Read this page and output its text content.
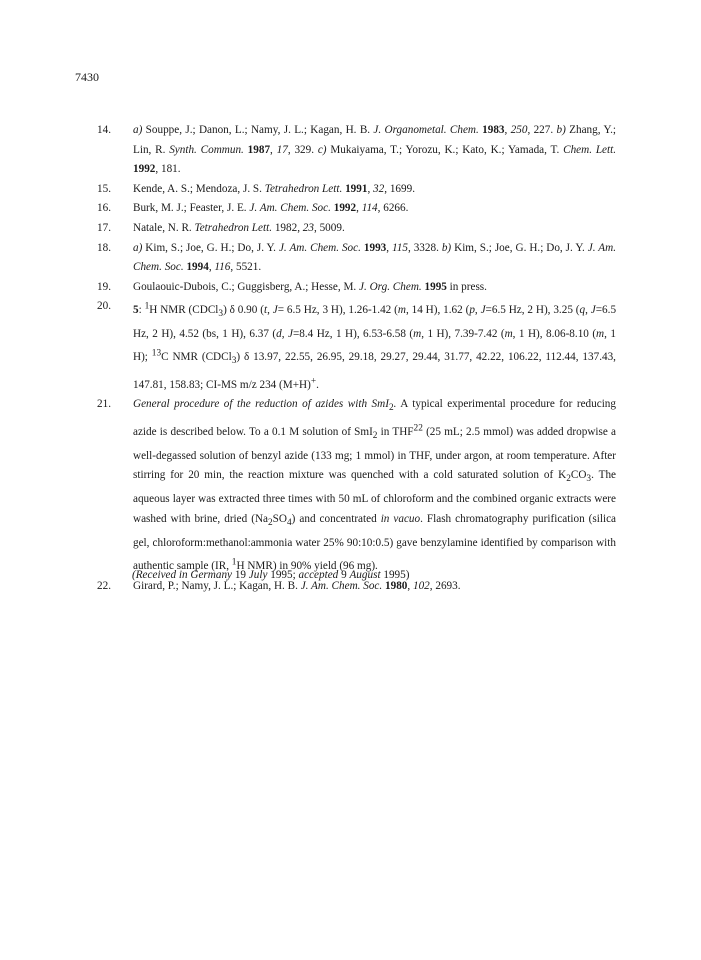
7430
14. a) Souppe, J.; Danon, L.; Namy, J. L.; Kagan, H. B. J. Organometal. Chem. 1983, 250, 227. b) Zhang, Y.; Lin, R. Synth. Commun. 1987, 17, 329. c) Mukaiyama, T.; Yorozu, K.; Kato, K.; Yamada, T. Chem. Lett. 1992, 181.
15. Kende, A. S.; Mendoza, J. S. Tetrahedron Lett. 1991, 32, 1699.
16. Burk, M. J.; Feaster, J. E. J. Am. Chem. Soc. 1992, 114, 6266.
17. Natale, N. R. Tetrahedron Lett. 1982, 23, 5009.
18. a) Kim, S.; Joe, G. H.; Do, J. Y. J. Am. Chem. Soc. 1993, 115, 3328. b) Kim, S.; Joe, G. H.; Do, J. Y. J. Am. Chem. Soc. 1994, 116, 5521.
19. Goulaouic-Dubois, C.; Guggisberg, A.; Hesse, M. J. Org. Chem. 1995 in press.
20. 5: $^1$H NMR (CDCl$_3$) δ 0.90 (t, J= 6.5 Hz, 3 H), 1.26-1.42 (m, 14 H), 1.62 (p, J=6.5 Hz, 2 H), 3.25 (q, J=6.5 Hz, 2 H), 4.52 (bs, 1 H), 6.37 (d, J=8.4 Hz, 1 H), 6.53-6.58 (m, 1 H), 7.39-7.42 (m, 1 H), 8.06-8.10 (m, 1 H); $^{13}$C NMR (CDCl$_3$) δ 13.97, 22.55, 26.95, 29.18, 29.27, 29.44, 31.77, 42.22, 106.22, 112.44, 137.43, 147.81, 158.83; CI-MS m/z 234 (M+H)+.
21. General procedure of the reduction of azides with SmI$_2$. A typical experimental procedure for reducing azide is described below. To a 0.1 M solution of SmI$_2$ in THF$^{22}$ (25 mL; 2.5 mmol) was added dropwise a well-degassed solution of benzyl azide (133 mg; 1 mmol) in THF, under argon, at room temperature. After stirring for 20 min, the reaction mixture was quenched with a cold saturated solution of $K_2CO_3$. The aqueous layer was extracted three times with 50 mL of chloroform and the combined organic extracts were washed with brine, dried $(Na_2SO_4)$ and concentrated in vacuo. Flash chromatography purification (silica gel, chloroform:methanol:ammonia water 25% 90:10:0.5) gave benzylamine identified by comparison with authentic sample (IR, $^1$H NMR) in 90% yield (96 mg).
22. Girard, P.; Namy, J. L.; Kagan, H. B. J. Am. Chem. Soc. 1980, 102, 2693.
(Received in Germany 19 July 1995; accepted 9 August 1995)
